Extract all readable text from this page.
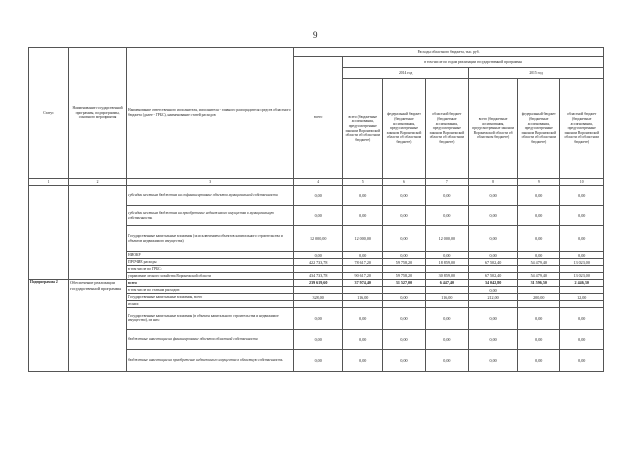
9
Статус	Наименование государственной программы, подпрограммы, основного мероприятия	Наименование ответственного исполнителя, исполнителя - главного распорядителя средств областного бюджета (далее - ГРБС), наименование статей расходов	Расходы областного бюджета, тыс. руб.						
			всего	в том числе по годам реализации государственной программы					
				2014 год			2015 год		
				всего (бюджетные ассигнования, предусмотренные законом Воронежской области об областном бюджете)	федеральный бюджет (бюджетные ассигнования, предусмотренные законом Воронежской области об областном бюджете)	областной бюджет (бюджетные ассигнования, предусмотренные законом Воронежской области об областном бюджете)	всего (бюджетные ассигнования, предусмотренные законом Воронежской области об областном бюджете)	федеральный бюджет (бюджетные ассигнования, предусмотренные законом Воронежской области об областном бюджете)	областной бюджет (бюджетные ассигнования, предусмотренные законом Воронежской области об областном бюджете)
1	2	3	4	5	6	7	8	9	10
		субсидии местным бюджетам на софинансирование объектов муниципальной собственности	0,00	0,00	0,00	0,00	0,00	0,00	0,00
		субсидии местным бюджетам на приобретение недвижимого имущества в муниципальную собственность	0,00	0,00	0,00	0,00	0,00	0,00	0,00
		Государственные капитальные вложения (за исключением объектов капитального строительства и объектов недвижимого имущества)	12 000,00	12 000,00	0,00	12 000,00	0,00	0,00	0,00
		НИОКР	0,00	0,00	0,00	0,00	0,00	0,00	0,00
		ПРОЧИЕ расходы	422 733,78	78 617,20	59 758,20	18 859,00	67 502,40	54 479,40	13 023,00
		в том числе по ГРБС:							
		управление лесного хозяйства Воронежской области	434 733,78	90 617,20	59 758,20	30 859,00	67 502,40	54 479,40	13 023,00
Подпрограмма 2	Обеспечение реализации государственной программы	всего	239 619,60	37 974,40	31 527,00	6 447,40	34 042,80	31 596,50	2 446,30
		в том числе по статьям расходов:					0,00		
		Государственные капитальные вложения, всего	328,00	116,00	0,00	116,00	212,00	200,00	12,00
		из них:							
		Государственные капитальные вложения (в объекты капитального строительства и недвижимое имущество), из них:	0,00	0,00	0,00	0,00	0,00	0,00	0,00
		бюджетные инвестиции на финансирование объектов областной собственности	0,00	0,00	0,00	0,00	0,00	0,00	0,00
		бюджетные инвестиции на приобретение недвижимого имущества в областную собственность	0,00	0,00	0,00	0,00	0,00	0,00	0,00
